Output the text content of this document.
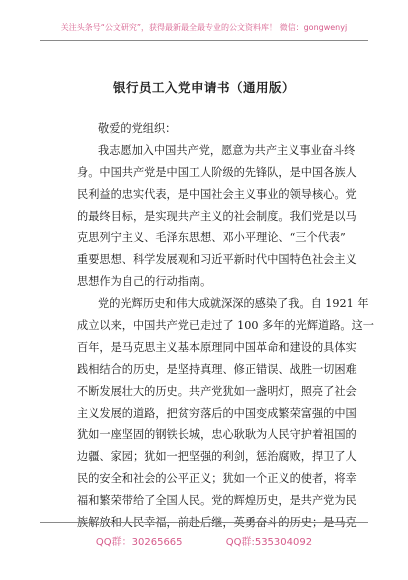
关注头条号“公文研究”，获得最新最全最专业的公文资料库！ 微信：gongwenyj
银行员工入党申请书（通用版）
敬爱的党组织：
我志愿加入中国共产党，愿意为共产主义事业奋斗终
身。中国共产党是中国工人阶级的先锋队，是中国各族人
民利益的忠实代表，是中国社会主义事业的领导核心。党
的最终目标，是实现共产主义的社会制度。我们党是以马
克思列宁主义、毛泽东思想、邓小平理论、“三个代表”
重要思想、科学发展观和习近平新时代中国特色社会主义
思想作为自己的行动指南。
党的光辉历史和伟大成就深深的感染了我。自 1921 年
成立以来，中国共产党已走过了 100 多年的光辉道路。这一
百年，是马克思主义基本原理同中国革命和建设的具体实
践相结合的历史，是坚持真理、修正错误、战胜一切困难
不断发展壮大的历史。共产党犹如一盏明灯，照亮了社会
主义发展的道路，把贫穷落后的中国变成繁荣富强的中国
犹如一座坚固的钢铁长城，忠心耿耿为人民守护着祖国的
边疆、家园；犹如一把坚强的利剑，惩治腐败，捍卫了人
民的安全和社会的公平正义；犹如一个正义的使者，将幸
福和繁荣带给了全国人民。党的辉煌历史，是共产党为民
族解放和人民幸福，前赴后继，英勇奋斗的历史；是马克
QQ群：30265665	QQ群:535304092
